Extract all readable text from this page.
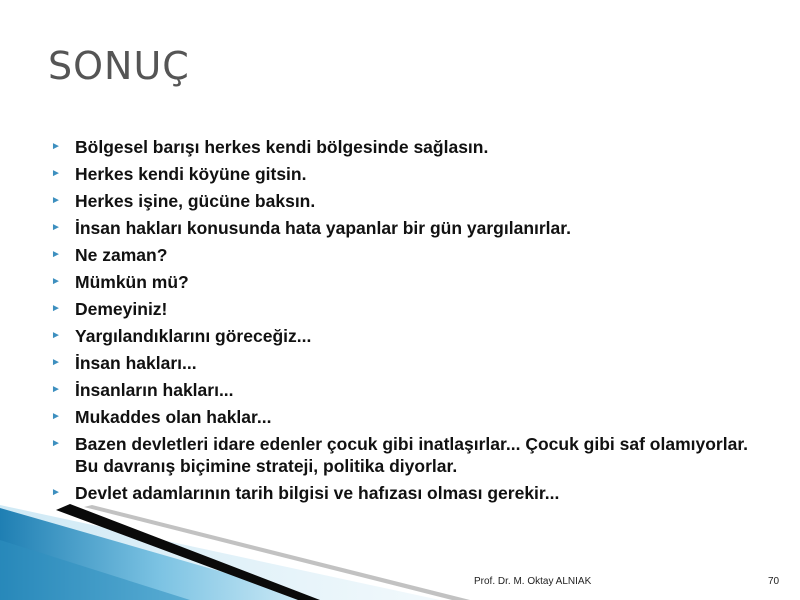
SONUÇ
► Bölgesel barışı herkes kendi bölgesinde sağlasın.
► Herkes kendi köyüne gitsin.
► Herkes işine, gücüne baksın.
► İnsan hakları konusunda hata yapanlar bir gün yargılanırlar.
► Ne zaman?
► Mümkün mü?
► Demeyiniz!
► Yargılandıklarını göreceğiz...
► İnsan hakları...
► İnsanların hakları...
► Mukaddes olan haklar...
► Bazen devletleri idare edenler çocuk gibi inatlaşırlar... Çocuk gibi saf olamıyorlar. Bu davranış biçimine strateji, politika diyorlar.
► Devlet adamlarının tarih bilgisi ve hafızası olması gerekir...
Prof. Dr. M. Oktay ALNIAK	70
